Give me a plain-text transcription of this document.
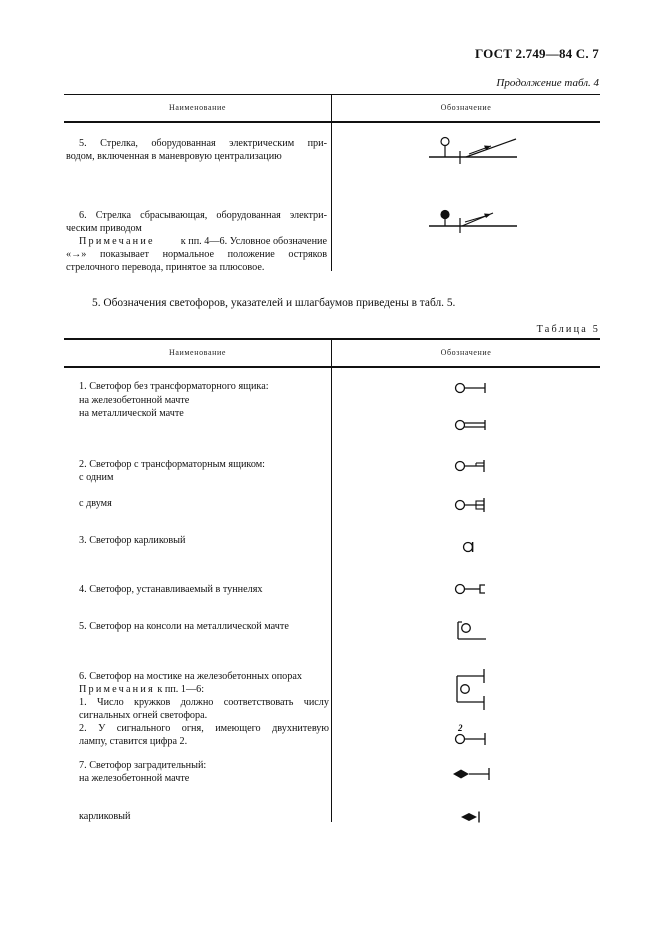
ГОСТ 2.749—84 С. 7
Продолжение табл. 4
Наименование	Обозначение
5. Стрелка, оборудованная электрическим при-
водом, включенная в маневровую централизацию
6. Стрелка сбрасывающая, оборудованная электри-
ческим приводом
Примечание	к пп. 4—6. Условное обозначение
«→» показывает нормальное положение остряков
стрелочного перевода, принятое за плюсовое.
5. Обозначения светофоров, указателей и шлагбаумов приведены в табл. 5.
Таблица 5
Наименование	Обозначение
1. Светофор без трансформаторного ящика:
на железобетонной мачте
на металлической мачте
2. Светофор с трансформаторным ящиком:
с одним
с двумя
3. Светофор карликовый
4. Светофор, устанавливаемый в туннелях
5. Светофор на консоли на металлической мачте
6. Светофор на мостике на железобетонных опорах
Примечания к пп. 1—6:
1. Число кружков должно соответствовать числу
сигнальных огней светофора.
2. У сигнального огня, имеющего двухнитевую
лампу, ставится цифра 2.
7. Светофор заградительный:
на железобетонной мачте
карликовый
2
